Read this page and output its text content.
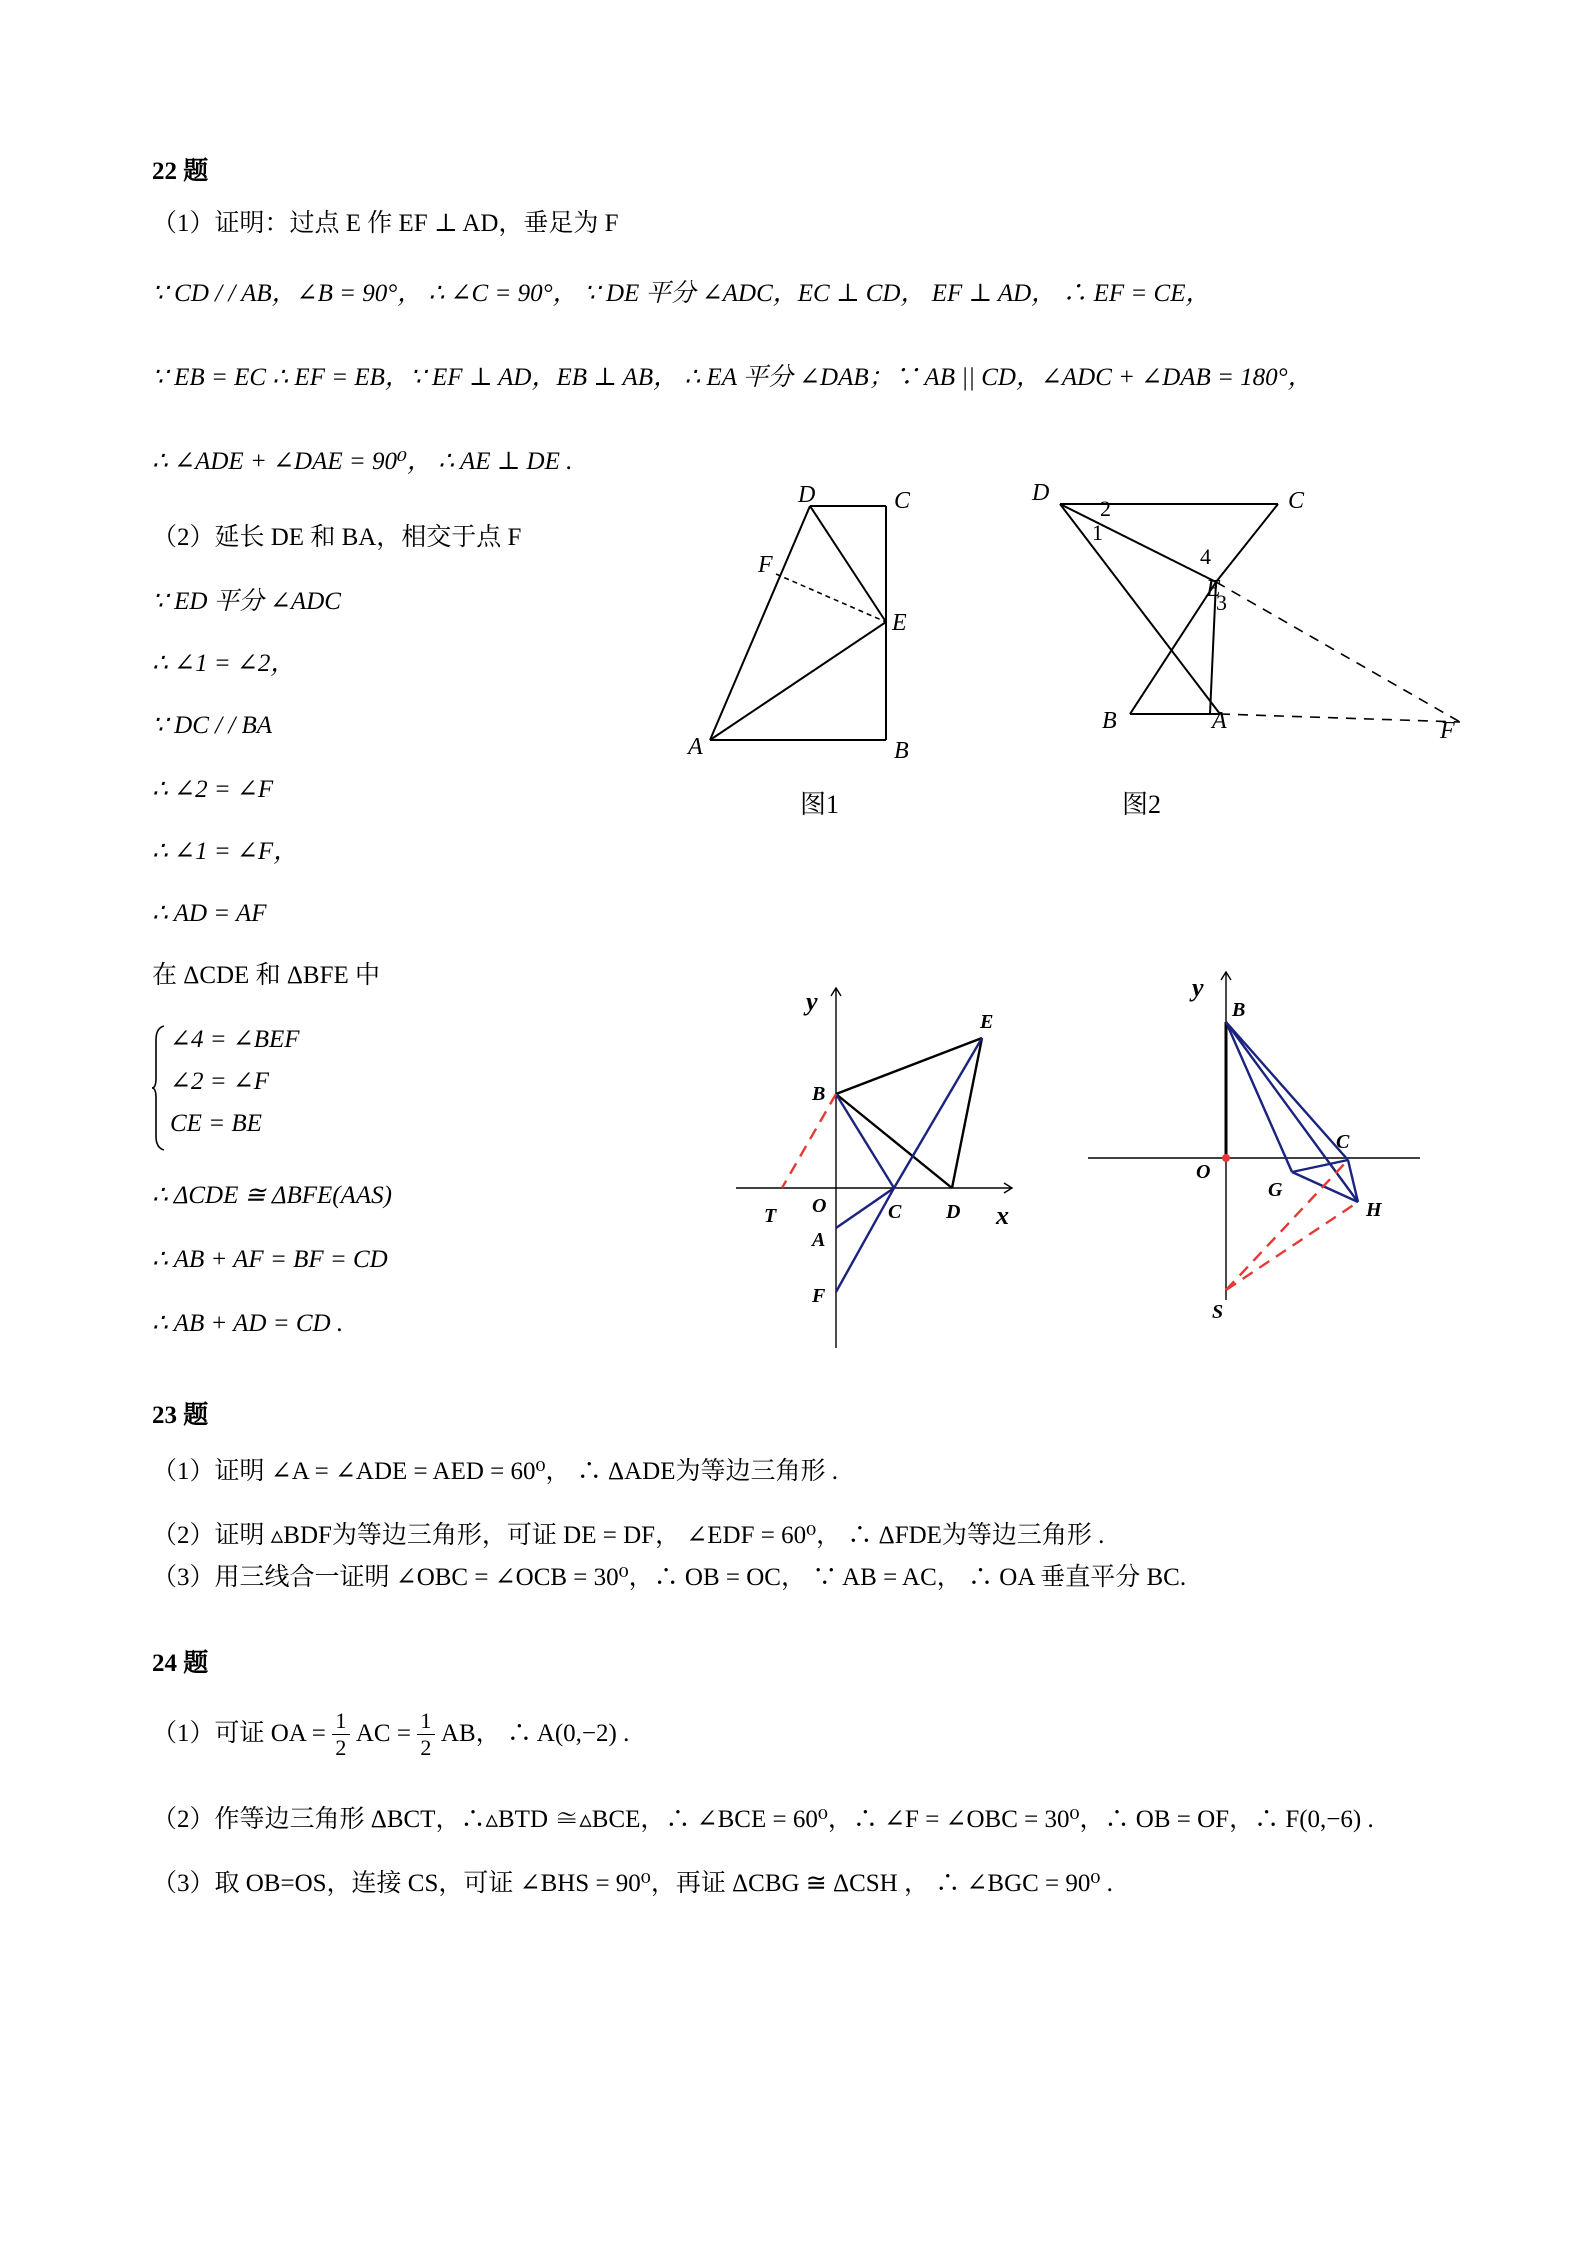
22 题
（1）证明：过点 E 作 EF ⊥ AD，垂足为 F
∵ CD / / AB，∠B = 90°， ∴ ∠C = 90°， ∵ DE 平分 ∠ADC，EC ⊥ CD， EF ⊥ AD， ∴ EF = CE，
∵ EB = EC ∴ EF = EB，∵ EF ⊥ AD，EB ⊥ AB， ∴ EA 平分 ∠DAB；∵ AB || CD，∠ADC + ∠DAB = 180°，
∴ ∠ADE + ∠DAE = 90⁰， ∴ AE ⊥ DE .
（2）延长 DE 和 BA，相交于点 F
∵ ED 平分 ∠ADC
∴ ∠1 = ∠2，
∵ DC / / BA
∴ ∠2 = ∠F
∴ ∠1 = ∠F，
∴ AD = AF
在 ΔCDE 和 ΔBFE 中
∠4 = ∠BEF
∠2 = ∠F
CE = BE
∴ ΔCDE ≅ ΔBFE(AAS)
∴ AB + AF = BF = CD
∴ AB + AD = CD .
23 题
（1）证明 ∠A = ∠ADE = AED = 60⁰， ∴ ΔADE为等边三角形 .
（2）证明 ▵BDF为等边三角形，可证 DE = DF， ∠EDF = 60⁰， ∴ ΔFDE为等边三角形 .
（3）用三线合一证明 ∠OBC = ∠OCB = 30⁰，∴ OB = OC， ∵ AB = AC， ∴ OA 垂直平分 BC.
24 题
（1）可证 OA = 1
2 AC = 1
2 AB， ∴ A(0,−2) .
（2）作等边三角形 ΔBCT，∴▵BTD ≅▵BCE，∴ ∠BCE = 60⁰，∴ ∠F = ∠OBC = 30⁰，∴ OB = OF，∴ F(0,−6) .
（3）取 OB=OS，连接 CS，可证 ∠BHS = 90⁰，再证 ΔCBG ≅ ΔCSH ， ∴ ∠BGC = 90⁰ .
D	C
F
E
A	B
图1
D	C
E
B	A	F
1
2
3
4
图2
y
x
E
B
O
T	C D
A
F
y
B
C
O
G
H
S
